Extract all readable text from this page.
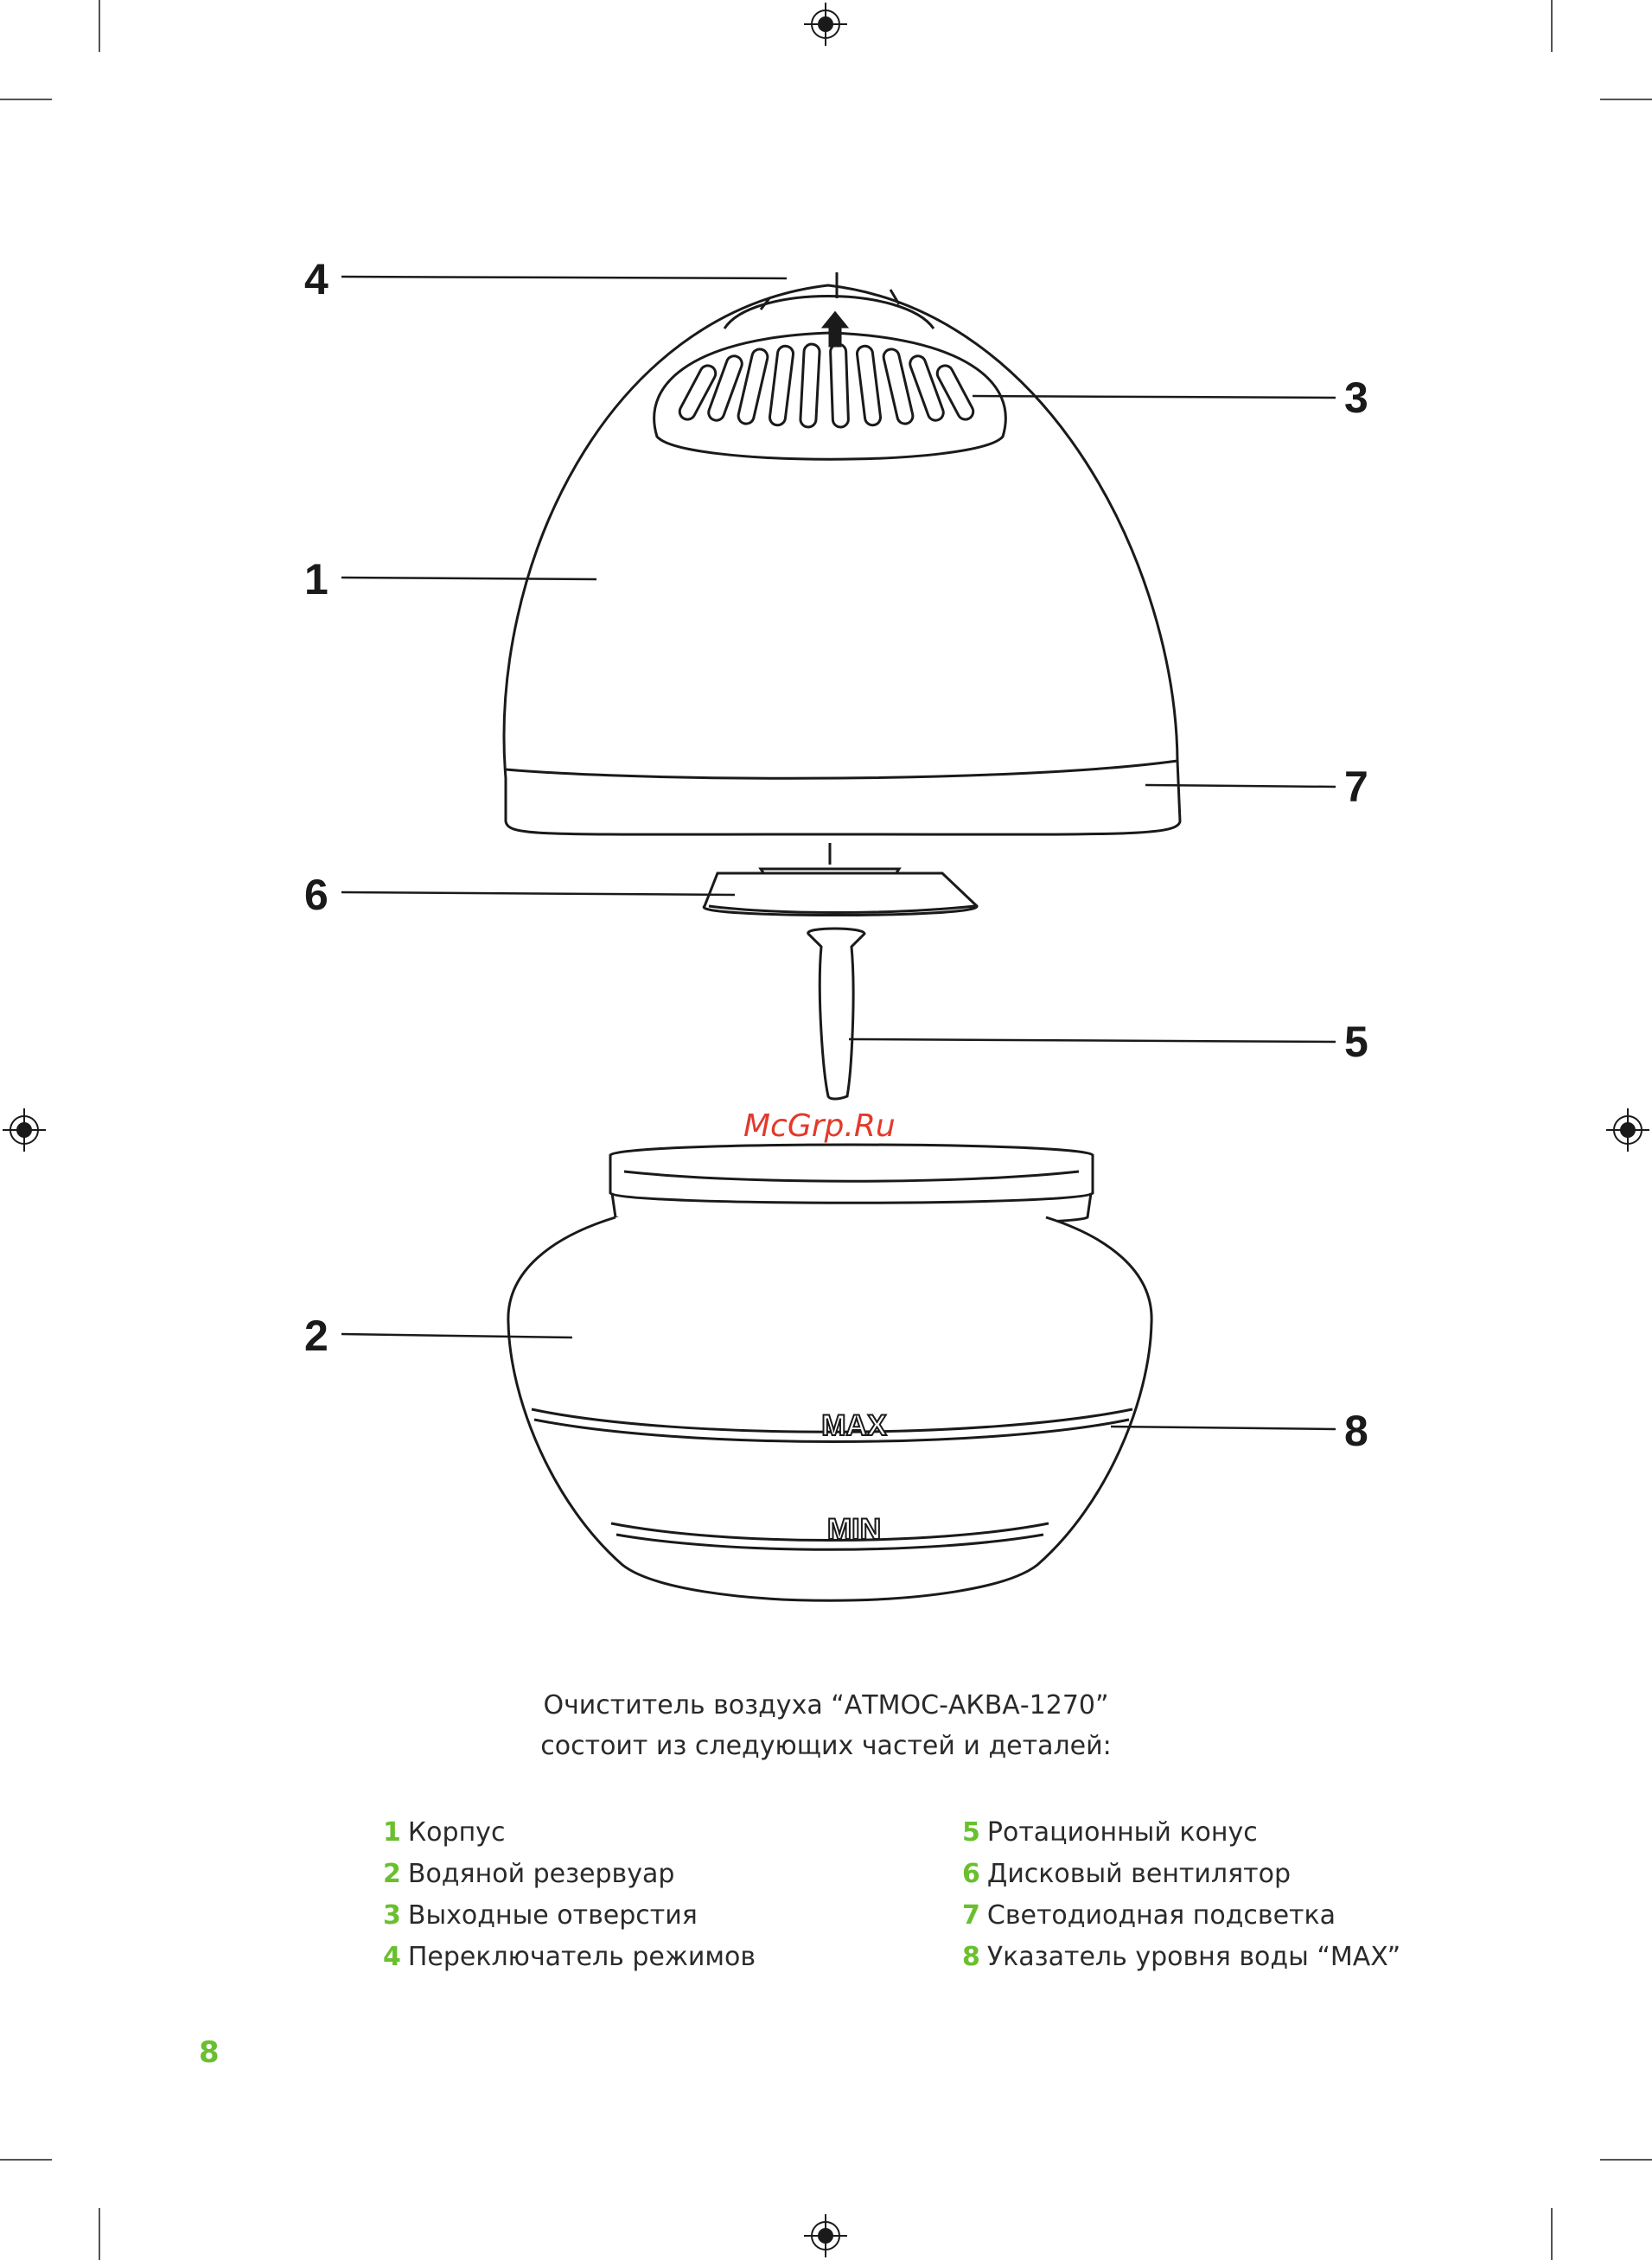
MAX
MIN
4
3
1
7
6
5
2
8
McGrp.Ru
Очиститель воздуха “АТМОС-АКВА-1270”
состоит из следующих частей и деталей:
1 Корпус
2 Водяной резервуар
3 Выходные отверстия
4 Переключатель режимов
5 Ротационный конус
6 Дисковый вентилятор
7 Светодиодная подсветка
8 Указатель уровня воды “MAX”
8
